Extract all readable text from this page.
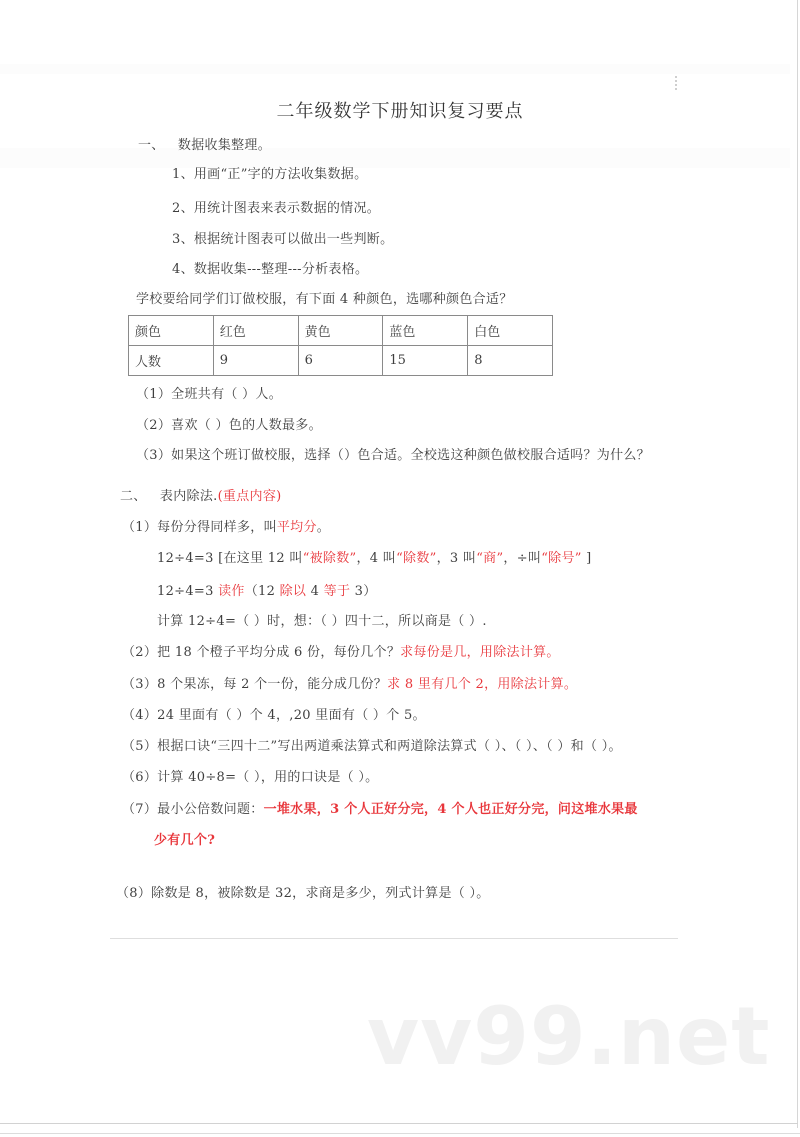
二年级数学下册知识复习要点
一、 数据收集整理。
1、用画“正”字的方法收集数据。
2、用统计图表来表示数据的情况。
3、根据统计图表可以做出一些判断。
4、数据收集---整理---分析表格。
学校要给同学们订做校服，有下面 4 种颜色，选哪种颜色合适？
颜色	红色	黄色	蓝色	白色
人数	9	6	15	8
（1）全班共有（ ）人。
（2）喜欢（ ）色的人数最多。
（3）如果这个班订做校服，选择（）色合适。全校选这种颜色做校服合适吗？为什么？
二、 表内除法.(重点内容)
（1）每份分得同样多，叫平均分。
12÷4=3 [在这里 12 叫“被除数”，4 叫“除数”，3 叫“商”，÷叫“除号” ]
12÷4=3 读作（12 除以 4 等于 3）
计算 12÷4=（ ）时，想：（ ）四十二，所以商是（ ）.
（2）把 18 个橙子平均分成 6 份，每份几个？求每份是几，用除法计算。
（3）8 个果冻，每 2 个一份，能分成几份？求 8 里有几个 2，用除法计算。
（4）24 里面有（ ）个 4，,20 里面有（ ）个 5。
（5）根据口诀“三四十二”写出两道乘法算式和两道除法算式（ ）、（ ）、（ ）和（ ）。
（6）计算 40÷8=（ ），用的口诀是（ ）。
（7）最小公倍数问题：一堆水果，3 个人正好分完，4 个人也正好分完，问这堆水果最
少有几个?
（8）除数是 8，被除数是 32，求商是多少，列式计算是（ ）。
vv99.net
